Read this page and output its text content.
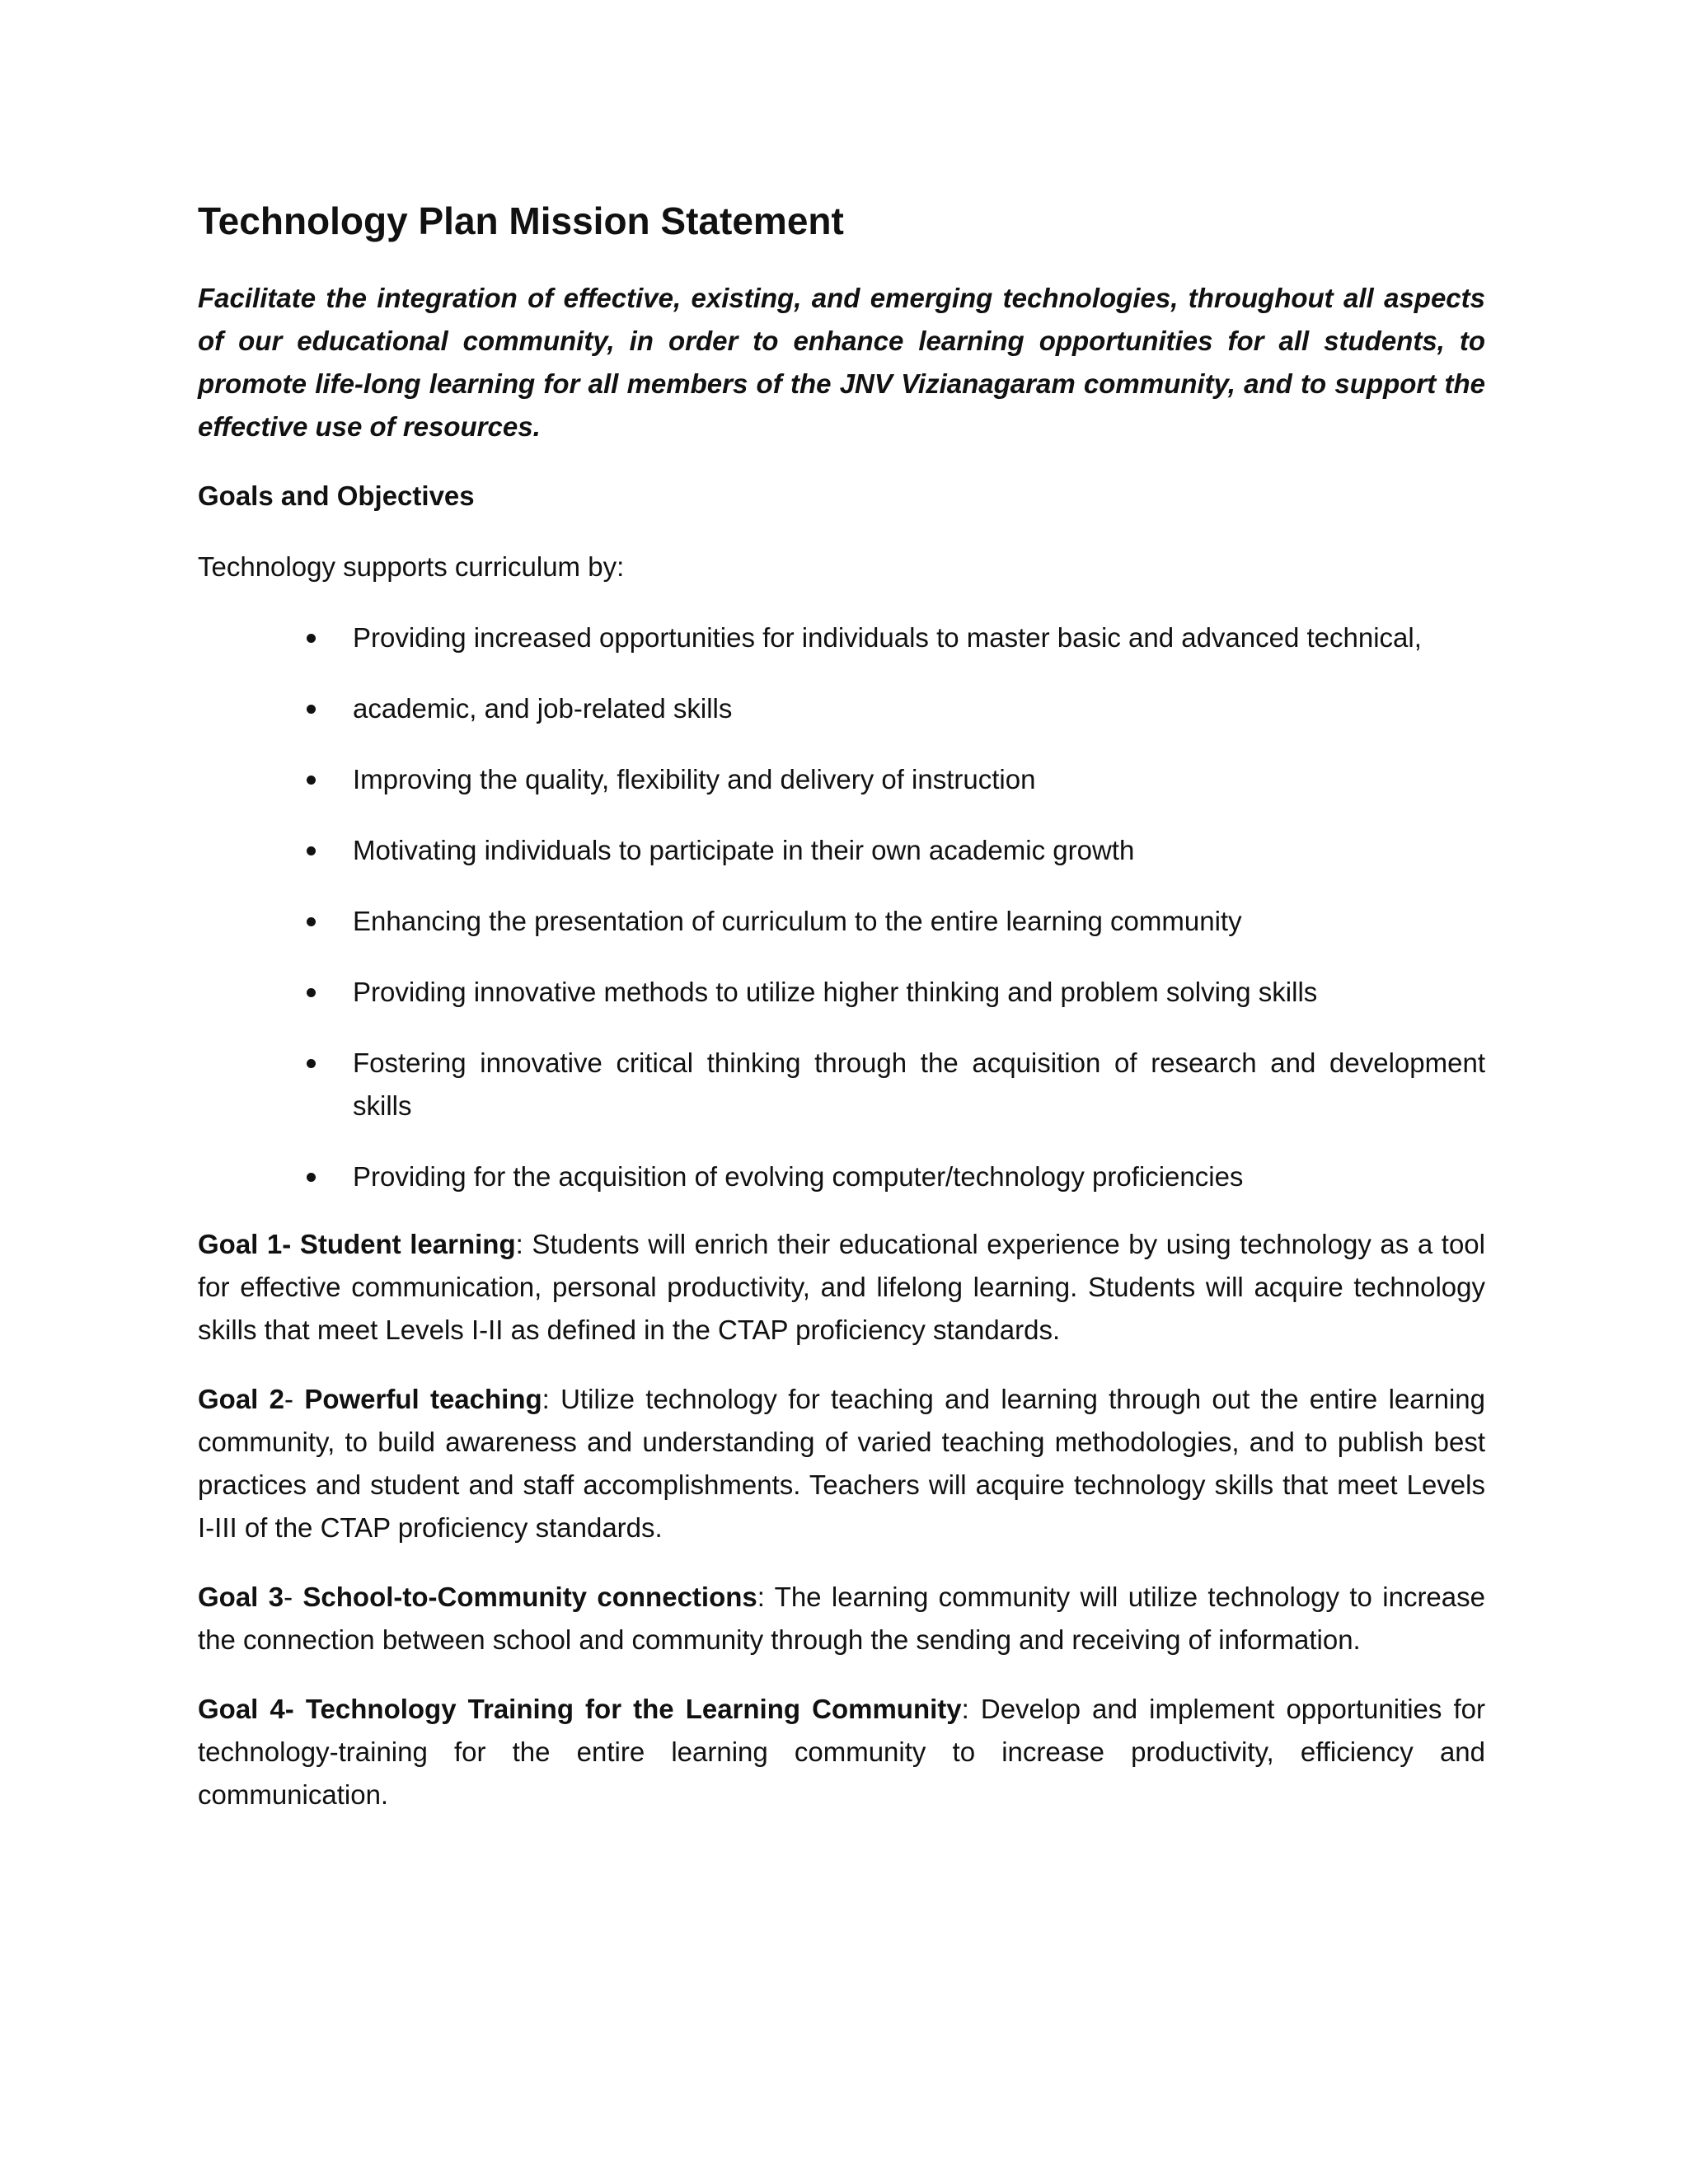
Technology Plan Mission Statement

Facilitate the integration of effective, existing, and emerging technologies, throughout all aspects of our educational community, in order to enhance learning opportunities for all students, to promote life-long learning for all members of the JNV Vizianagaram community, and to support the effective use of resources.

Goals and Objectives
Technology supports curriculum by:
Providing increased opportunities for individuals to master basic and advanced technical,
academic, and job-related skills
Improving the quality, flexibility and delivery of instruction
Motivating individuals to participate in their own academic growth
Enhancing the presentation of curriculum to the entire learning community
Providing innovative methods to utilize higher thinking and problem solving skills
Fostering innovative critical thinking through the acquisition of research and development skills
Providing for the acquisition of evolving computer/technology proficiencies

Goal 1- Student learning: Students will enrich their educational experience by using technology as a tool for effective communication, personal productivity, and lifelong learning. Students will acquire technology skills that meet Levels I-II as defined in the CTAP proficiency standards.

Goal 2- Powerful teaching: Utilize technology for teaching and learning through out the entire learning community, to build awareness and understanding of varied teaching methodologies, and to publish best practices and student and staff accomplishments. Teachers will acquire technology skills that meet Levels I-III of the CTAP proficiency standards.

Goal 3- School-to-Community connections: The learning community will utilize technology to increase the connection between school and community through the sending and receiving of information.

Goal 4- Technology Training for the Learning Community: Develop and implement opportunities for technology-training for the entire learning community to increase productivity, efficiency and communication.
